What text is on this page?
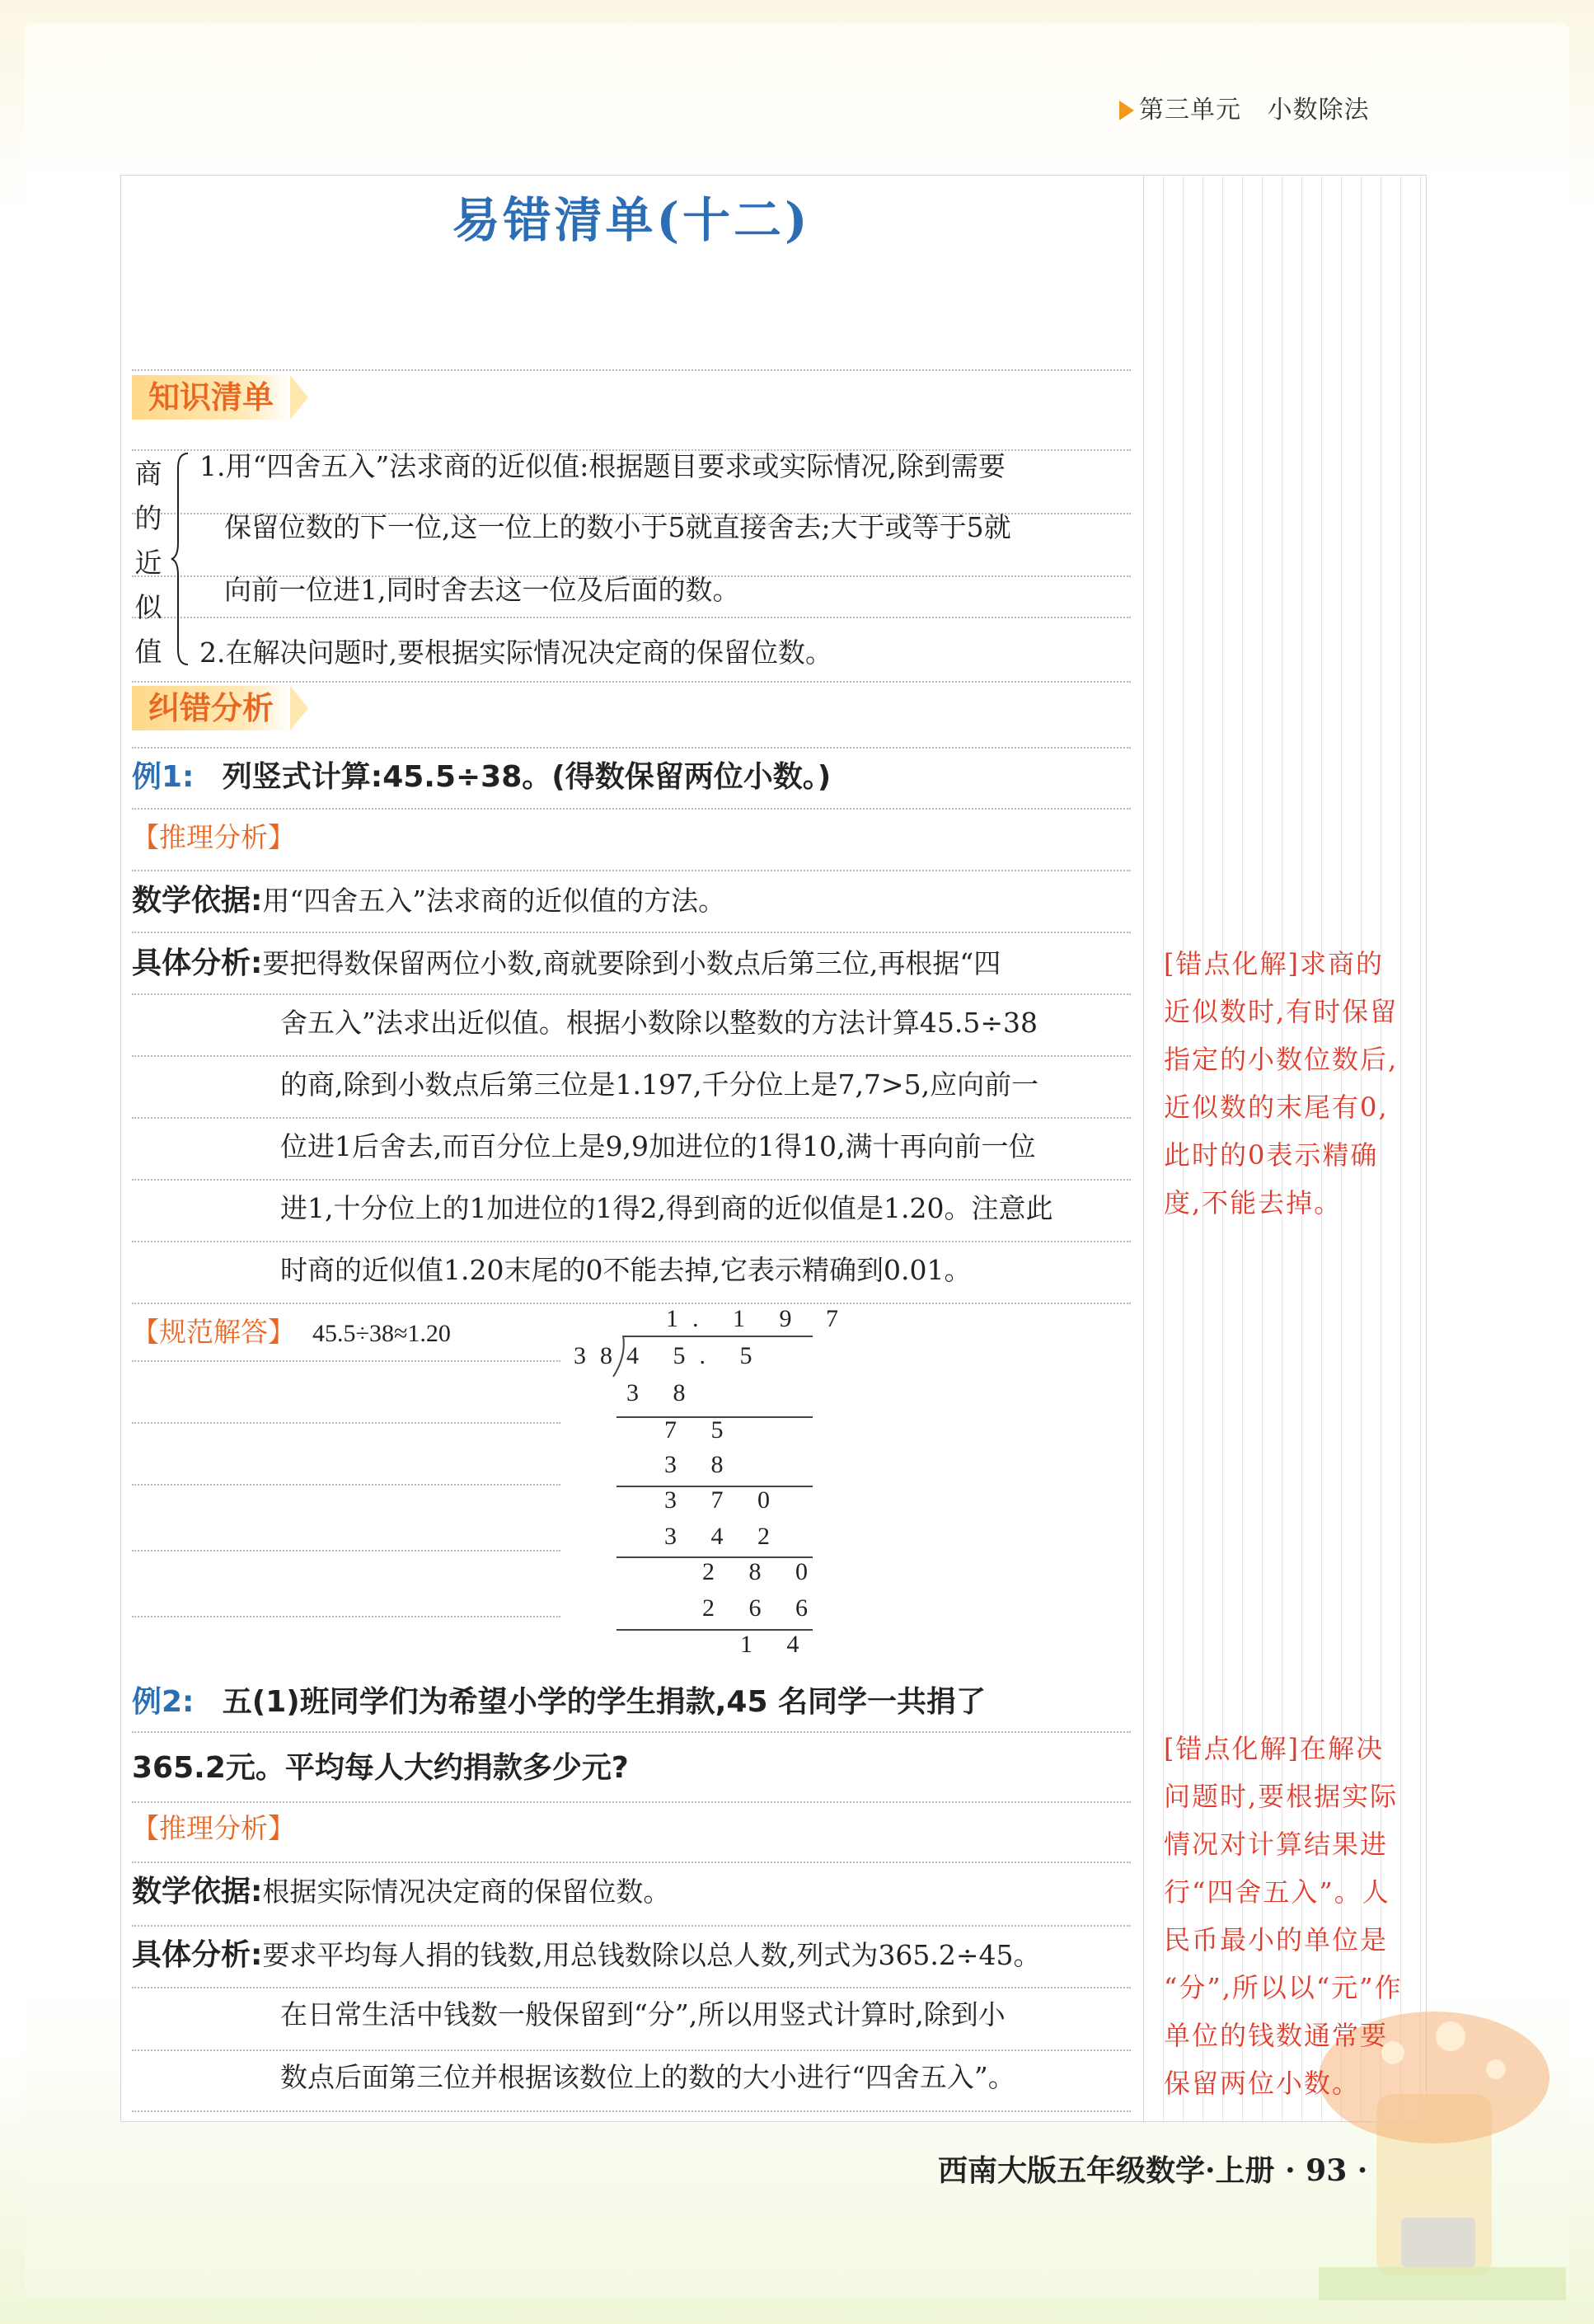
第三单元 小数除法
易错清单(十二)
知识清单
商
的
近
似
值
1.用“四舍五入”法求商的近似值:根据题目要求或实际情况,除到需要
保留位数的下一位,这一位上的数小于5就直接舍去;大于或等于5就
向前一位进1,同时舍去这一位及后面的数。
2.在解决问题时,要根据实际情况决定商的保留位数。
纠错分析
例1: 列竖式计算:45.5÷38。(得数保留两位小数。)
【推理分析】
数学依据:用“四舍五入”法求商的近似值的方法。
具体分析:要把得数保留两位小数,商就要除到小数点后第三位,再根据“四
舍五入”法求出近似值。根据小数除以整数的方法计算45.5÷38
的商,除到小数点后第三位是1.197,千分位上是7,7>5,应向前一
位进1后舍去,而百分位上是9,9加进位的1得10,满十再向前一位
进1,十分位上的1加进位的1得2,得到商的近似值是1.20。注意此
时商的近似值1.20末尾的0不能去掉,它表示精确到0.01。
【规范解答】 45.5÷38≈1.20
1. 1 9 7
38 4 5. 5
3 8
7 5
3 8
3 7 0
3 4 2
2 8 0
2 6 6
1 4
例2: 五(1)班同学们为希望小学的学生捐款,45 名同学一共捐了
365.2元。平均每人大约捐款多少元?
【推理分析】
数学依据:根据实际情况决定商的保留位数。
具体分析:要求平均每人捐的钱数,用总钱数除以总人数,列式为365.2÷45。
在日常生活中钱数一般保留到“分”,所以用竖式计算时,除到小
数点后面第三位并根据该数位上的数的大小进行“四舍五入”。
[错点化解]求商的
近似数时,有时保留
指定的小数位数后,
近似数的末尾有0,
此时的0表示精确
度,不能去掉。
[错点化解]在解决
问题时,要根据实际
情况对计算结果进
行“四舍五入”。人
民币最小的单位是
“分”,所以以“元”作
单位的钱数通常要
保留两位小数。
西南大版五年级数学·上册 · 93 ·
